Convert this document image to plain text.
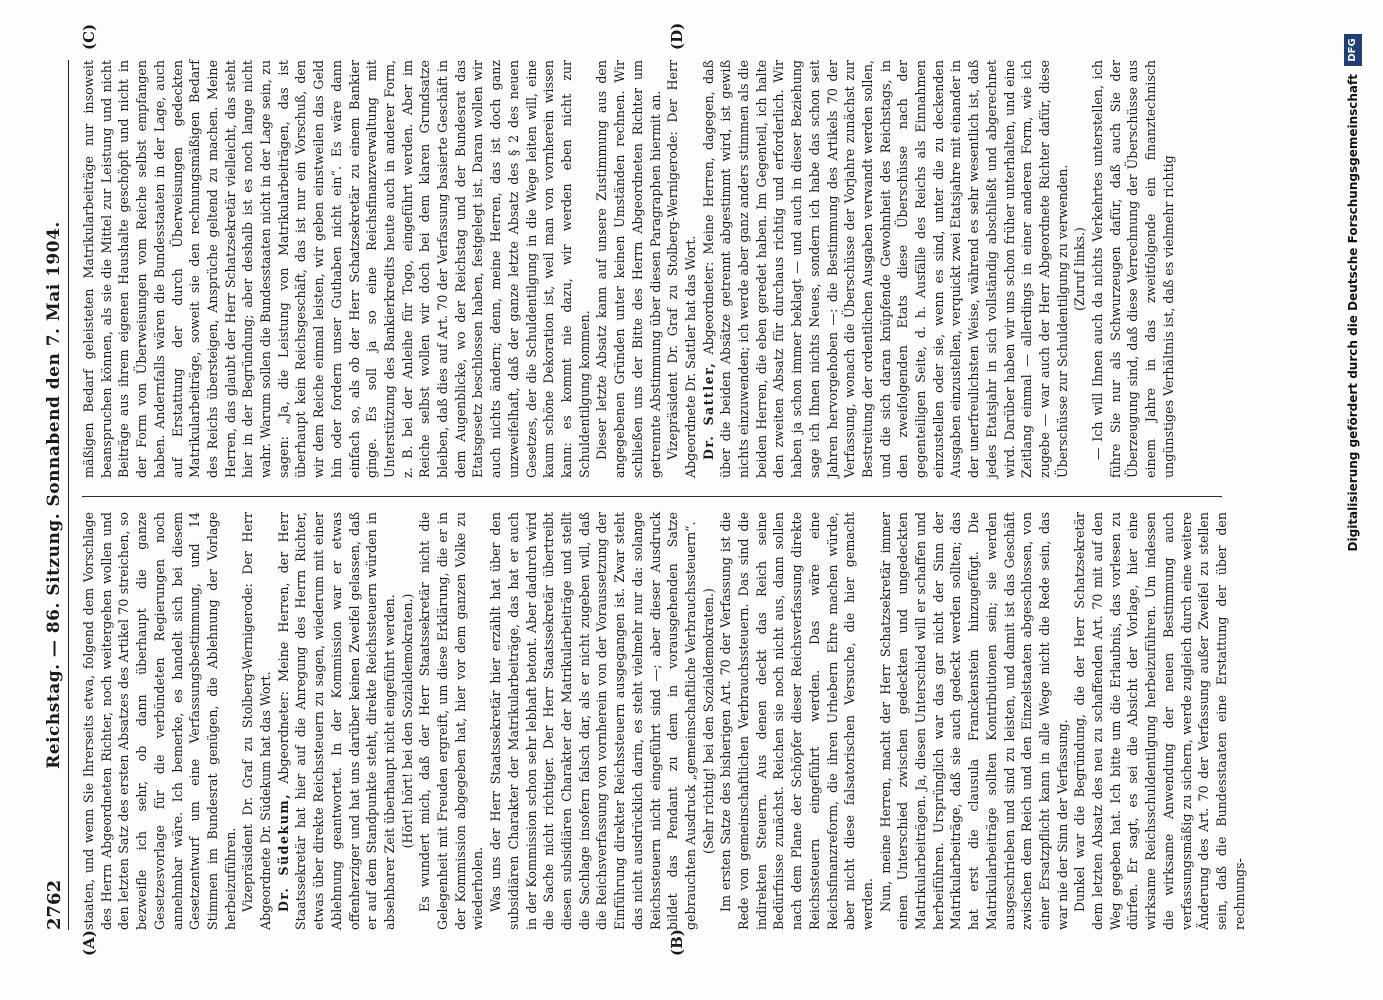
2762
Reichstag. — 86. Sitzung. Sonnabend den 7. Mai 1904.
(A)	(B)
(C)	(D)

staaten, und wenn Sie Ihrerseits etwa, folgend dem Vorschlage des Herrn Abgeordneten Richter, noch weitergehen wollen und den letzten Satz des ersten Absatzes des Artikel 70 streichen, so bezweifle ich sehr, ob dann überhaupt die ganze Gesetzesvorlage für die verbündeten Regierungen noch annehmbar wäre. Ich bemerke, es handelt sich bei diesem Gesetzentwurf um eine Verfassungsbestimmung, und 14 Stimmen im Bundesrat genügen, die Ablehnung der Vorlage herbeizuführen. Vizepräsident Dr. Graf zu Stolberg-Wernigerode: Der Herr Abgeordnete Dr. Südekum hat das Wort. Dr. Südekum, Abgeordneter: Meine Herren, der Herr Staatssekretär hat hier auf die Anregung des Herrn Richter, etwas über direkte Reichssteuern zu sagen, wiederum mit einer Ablehnung geantwortet. In der Kommission war er etwas offenherziger und hat uns darüber keinen Zweifel gelassen, daß er auf dem Standpunkte steht, direkte Reichssteuern würden in absehbarer Zeit überhaupt nicht eingeführt werden. (Hört! hört! bei den Sozialdemokraten.) Es wundert mich, daß der Herr Staatssekretär nicht die Gelegenheit mit Freuden ergreift, um diese Erklärung, die er in der Kommission abgegeben hat, hier vor dem ganzen Volke zu wiederholen. Was uns der Herr Staatssekretär hier erzählt hat über den subsidiären Charakter der Matrikularbeiträge, das hat er auch in der Kommission schon sehr lebhaft betont. Aber dadurch wird die Sache nicht richtiger. Der Herr Staatssekretär übertreibt diesen subsidiären Charakter der Matrikularbeiträge und stellt die Sachlage insofern falsch dar, als er nicht zugeben will, daß die Reichsverfassung von vornherein von der Voraussetzung der Einführung direkter Reichssteuern ausgegangen ist. Zwar steht das nicht ausdrücklich darin, es steht vielmehr nur da: solange Reichssteuern nicht eingeführt sind —; aber dieser Ausdruck bildet das Pendant zu dem in vorausgehenden Satze gebrauchten Ausdruck „gemeinschaftliche Verbrauchssteuern“. (Sehr richtig! bei den Sozialdemokraten.) Im ersten Satze des bisherigen Art. 70 der Verfassung ist die Rede von gemeinschaftlichen Verbrauchssteuern. Das sind die indirekten Steuern. Aus denen deckt das Reich seine Bedürfnisse zunächst. Reichen sie noch nicht aus, dann sollen nach dem Plane der Schöpfer dieser Reichsverfassung direkte Reichssteuern eingeführt werden. Das wäre eine Reichsfinanzreform, die ihren Urhebern Ehre machen würde, aber nicht diese falsatorischen Versuche, die hier gemacht werden. Nun, meine Herren, macht der Herr Schatzsekretär immer einen Unterschied zwischen gedeckten und ungedeckten Matrikularbeiträgen. Ja, diesen Unterschied will er schaffen und herbeiführen. Ursprünglich war das gar nicht der Sinn der Matrikularbeiträge, daß sie auch gedeckt werden sollten; das hat erst die clausula Franckenstein hinzugefügt. Die Matrikularbeiträge sollten Kontributionen sein; sie werden ausgeschrieben und sind zu leisten, und damit ist das Geschäft zwischen dem Reich und den Einzelstaaten abgeschlossen, von einer Ersatzpflicht kann in alle Wege nicht die Rede sein, das war nie der Sinn der Verfassung. Dunkel war die Begründung, die der Herr Schatzsekretär dem letzten Absatz des neu zu schaffenden Art. 70 mit auf den Weg gegeben hat. Ich bitte um die Erlaubnis, das vorlesen zu dürfen. Er sagt, es sei die Absicht der Vorlage, hier eine wirksame Reichsschuldentilgung herbeizuführen. Um indessen die wirksame Anwendung der neuen Bestimmung auch verfassungsmäßig zu sichern, werde zugleich durch eine weitere Änderung des Art. 70 der Verfassung außer Zweifel zu stellen sein, daß die Bundesstaaten eine Erstattung der über den rechnungs-

mäßigen Bedarf geleisteten Matrikularbeiträge nur insoweit beanspruchen können, als sie die Mittel zur Leistung und nicht Beiträge aus ihrem eigenen Haushalte geschöpft und nicht in der Form von Überweisungen vom Reiche selbst empfangen haben. Andernfalls wären die Bundesstaaten in der Lage, auch auf Erstattung der durch Überweisungen gedeckten Matrikularbeiträge, soweit sie den rechnungsmäßigen Bedarf des Reichs übersteigen, Ansprüche geltend zu machen. Meine Herren, das glaubt der Herr Schatzsekretär vielleicht, das steht hier in der Begründung; aber deshalb ist es noch lange nicht wahr. Warum sollen die Bundesstaaten nicht in der Lage sein, zu sagen: „Ja, die Leistung von Matrikularbeiträgen, das ist überhaupt kein Reichsgeschäft, das ist nur ein Vorschuß, den wir dem Reiche einmal leisten, wir geben einstweilen das Geld hin oder fordern unser Guthaben nicht ein“. Es wäre dann einfach so, als ob der Herr Schatzsekretär zu einem Bankier ginge. Es soll ja so eine Reichsfinanzverwaltung mit Unterstützung des Bankierkredits heute auch in anderer Form, z. B. bei der Anleihe für Togo, eingeführt werden. Aber im Reiche selbst wollen wir doch bei dem klaren Grundsatze bleiben, daß dies auf Art. 70 der Verfassung basierte Geschäft in dem Augenblicke, wo der Reichstag und der Bundesrat das Etatsgesetz beschlossen haben, festgelegt ist. Daran wollen wir auch nichts ändern; denn, meine Herren, das ist doch ganz unzweifelhaft, daß der ganze letzte Absatz des § 2 des neuen Gesetzes, der die Schuldentilgung in die Wege leiten will, eine kaum schöne Dekoration ist, weil man von vornherein wissen kann: es kommt nie dazu, wir werden eben nicht zur Schuldentilgung kommen. Dieser letzte Absatz kann auf unsere Zustimmung aus den angegebenen Gründen unter keinen Umständen rechnen. Wir schließen uns der Bitte des Herrn Abgeordneten Richter um getrennte Abstimmung über diesen Paragraphen hiermit an. Vizepräsident Dr. Graf zu Stolberg-Wernigerode: Der Herr Abgeordnete Dr. Sattler hat das Wort. Dr. Sattler, Abgeordneter: Meine Herren, dagegen, daß über die beiden Absätze getrennt abgestimmt wird, ist gewiß nichts einzuwenden; ich werde aber ganz anders stimmen als die beiden Herren, die eben geredet haben. Im Gegenteil, ich halte den zweiten Absatz für durchaus richtig und erforderlich. Wir haben ja schon immer beklagt — und auch in dieser Beziehung sage ich Ihnen nichts Neues, sondern ich habe das schon seit Jahren hervorgehoben —: die Bestimmung des Artikels 70 der Verfassung, wonach die Überschüsse der Vorjahre zunächst zur Bestreitung der ordentlichen Ausgaben verwandt werden sollen, und die sich daran knüpfende Gewohnheit des Reichstags, in den zweifolgenden Etats diese Überschüsse nach der gegenteiligen Seite, d. h. Ausfälle des Reichs als Einnahmen einzustellen oder sie, wenn es sind, unter die zu deckenden Ausgaben einzustellen, verquickt zwei Etatsjahre mit einander in der unerfreulichsten Weise, während es sehr wesentlich ist, daß jedes Etatsjahr in sich vollständig abschließt und abgerechnet wird. Darüber haben wir uns schon früher unterhalten, und eine Zeitlang einmal — allerdings in einer anderen Form, wie ich zugebe — war auch der Herr Abgeordnete Richter dafür, diese Überschüsse zur Schuldentilgung zu verwenden. (Zuruf links.) — Ich will Ihnen auch da nichts Verkehrtes unterstellen, ich führe Sie nur als Schwurzeugen dafür, daß auch Sie der Überzeugung sind, daß diese Verrechnung der Überschüsse aus einem Jahre in das zweitfolgende ein finanztechnisch ungünstiges Verhältnis ist, daß es vielmehr richtig	Digitalisierung gefördert durch die Deutsche Forschungsgemeinschaft
DFG
